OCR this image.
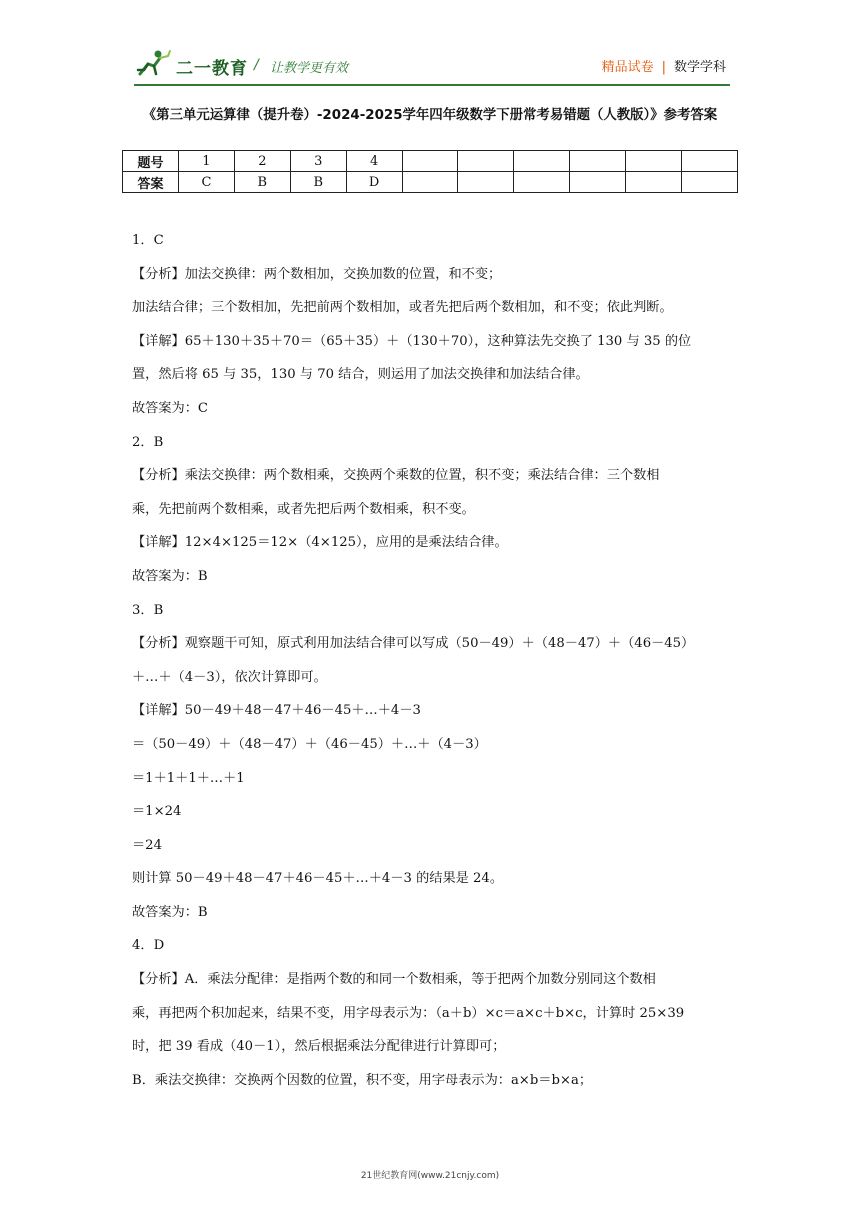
二一教育 / 让教学更有效	精品试卷 | 数学学科
《第三单元运算律（提升卷）-2024-2025学年四年级数学下册常考易错题（人教版）》参考答案
题号	1	2	3	4						
答案	C	B	B	D						

1．C

【分析】加法交换律：两个数相加，交换加数的位置，和不变；

加法结合律；三个数相加，先把前两个数相加，或者先把后两个数相加，和不变；依此判断。

【详解】65＋130＋35＋70＝（65＋35）＋（130＋70），这种算法先交换了 130 与 35 的位

置，然后将 65 与 35，130 与 70 结合，则运用了加法交换律和加法结合律。

故答案为：C

2．B

【分析】乘法交换律：两个数相乘，交换两个乘数的位置，积不变；乘法结合律：三个数相

乘，先把前两个数相乘，或者先把后两个数相乘，积不变。

【详解】12×4×125＝12×（4×125），应用的是乘法结合律。

故答案为：B

3．B

【分析】观察题干可知，原式利用加法结合律可以写成（50－49）＋（48－47）＋（46－45）

＋…＋（4－3），依次计算即可。

【详解】50－49＋48－47＋46－45＋…＋4－3

＝（50－49）＋（48－47）＋（46－45）＋…＋（4－3）

＝1＋1＋1＋…＋1

＝1×24

＝24

则计算 50－49＋48－47＋46－45＋…＋4－3 的结果是 24。

故答案为：B

4．D

【分析】A．乘法分配律：是指两个数的和同一个数相乘，等于把两个加数分别同这个数相

乘，再把两个积加起来，结果不变，用字母表示为：（a＋b）×c＝a×c＋b×c，计算时 25×39

时，把 39 看成（40－1），然后根据乘法分配律进行计算即可；

B．乘法交换律：交换两个因数的位置，积不变，用字母表示为：a×b＝b×a；

21世纪教育网(www.21cnjy.com)
